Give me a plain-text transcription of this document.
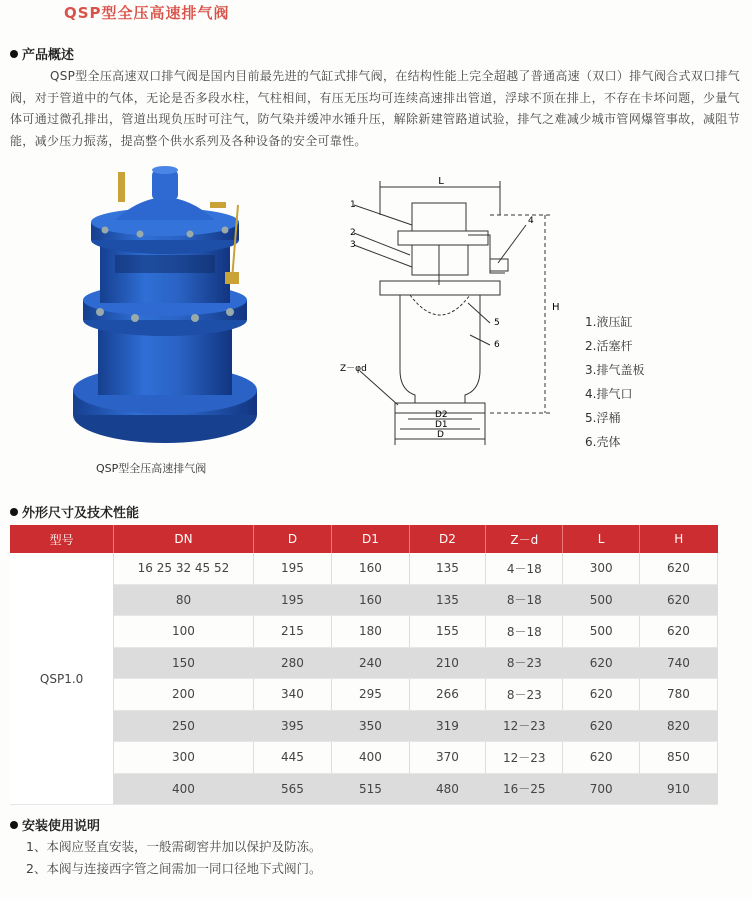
QSP型全压高速排气阀
产品概述
QSP型全压高速双口排气阀是国内目前最先进的气缸式排气阀，在结构性能上完全超越了普通高速（双口）排气阀合式双口排气阀，对于管道中的气体，无论是否多段水柱，气柱相间，有压无压均可连续高速排出管道，浮球不顶在排上，不存在卡坏问题，少量气体可通过微孔排出，管道出现负压时可注气，防气染并缓冲水锤升压，解除新建管路道试验，排气之难减少城市管网爆管事故，减阻节能，减少压力振荡，提高整个供水系列及各种设备的安全可靠性。
QSP型全压高速排气阀
L
H
Z－φd
D2
D1
D
1
2
3
4
5
6
1.液压缸
2.活塞杆
3.排气盖板
4.排气口
5.浮桶
6.壳体
外形尺寸及技术性能
型号	DN	D	D1	D2	Z－d	L	H
QSP1.0	16 25 32 45 52	195	160	135	4－18	300	620
	80	195	160	135	8－18	500	620
	100	215	180	155	8－18	500	620
	150	280	240	210	8－23	620	740
	200	340	295	266	8－23	620	780
	250	395	350	319	12－23	620	820
	300	445	400	370	12－23	620	850
	400	565	515	480	16－25	700	910
安装使用说明
1、本阀应竖直安装，一般需砌窖井加以保护及防冻。
2、本阀与连接西字管之间需加一同口径地下式阀门。
